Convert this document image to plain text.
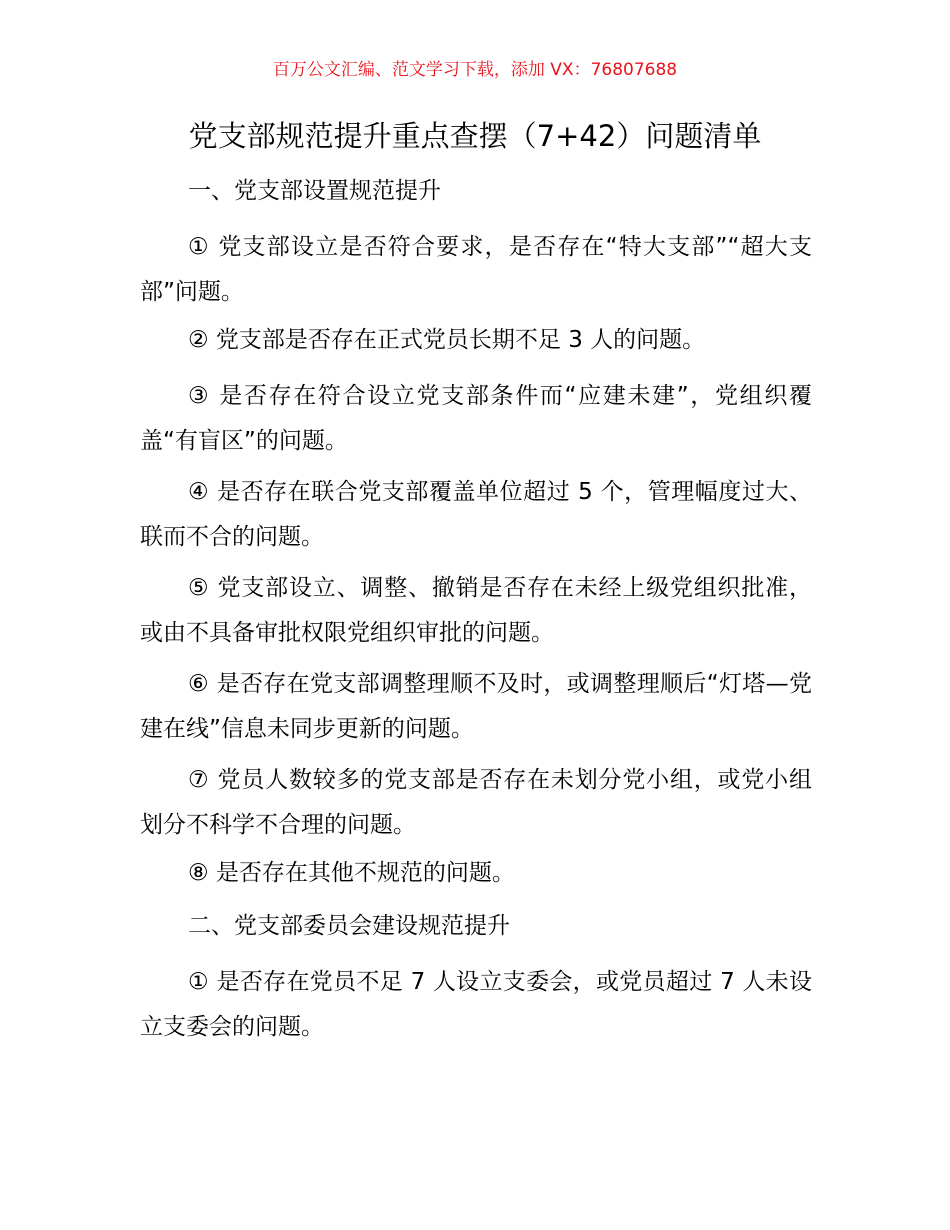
百万公文汇编、范文学习下载，添加 VX：76807688
党支部规范提升重点查摆（7+42）问题清单
一、党支部设置规范提升

① 党支部设立是否符合要求，是否存在“特大支部”“超大支部”问题。

② 党支部是否存在正式党员长期不足 3 人的问题。

③ 是否存在符合设立党支部条件而“应建未建”，党组织覆盖“有盲区”的问题。

④ 是否存在联合党支部覆盖单位超过 5 个，管理幅度过大、联而不合的问题。

⑤ 党支部设立、调整、撤销是否存在未经上级党组织批准，或由不具备审批权限党组织审批的问题。

⑥ 是否存在党支部调整理顺不及时，或调整理顺后“灯塔—党建在线”信息未同步更新的问题。

⑦ 党员人数较多的党支部是否存在未划分党小组，或党小组划分不科学不合理的问题。

⑧ 是否存在其他不规范的问题。

二、党支部委员会建设规范提升

① 是否存在党员不足 7 人设立支委会，或党员超过 7 人未设立支委会的问题。
